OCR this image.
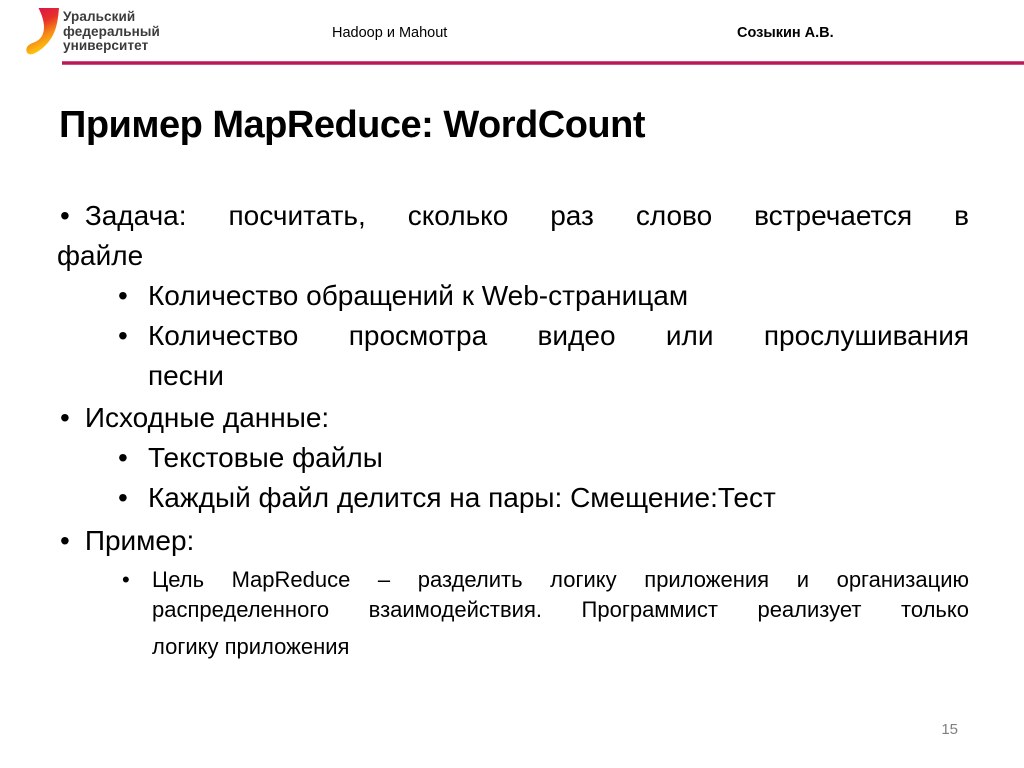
Уральский
федеральный
университет
Hadoop и Mahout	Созыкин А.В.
Пример MapReduce: WordCount
• Задача: посчитать, сколько раз слово встречается в
файле
• Количество обращений к Web-страницам
• Количество просмотра видео или прослушивания
песни
• Исходные данные:
• Текстовые файлы
• Каждый файл делится на пары: Смещение:Тест
• Пример:
• Цель MapReduce – разделить логику приложения и организацию
распределенного взаимодействия. Программист реализует только
логику приложения
15
